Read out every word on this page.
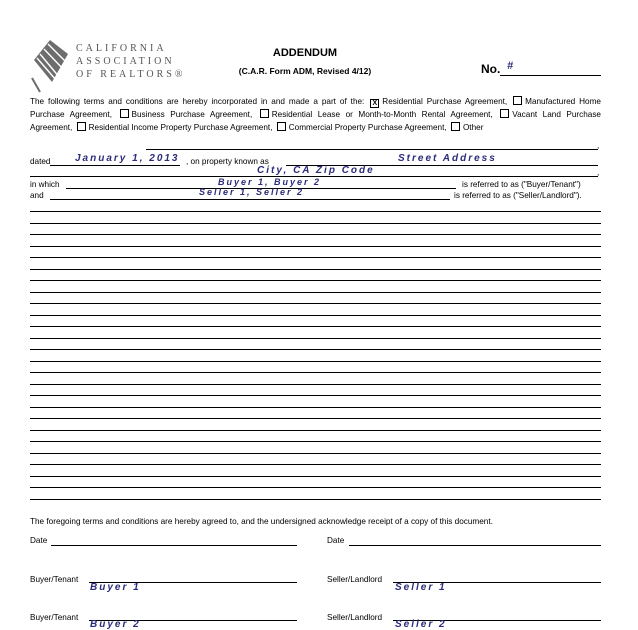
CALIFORNIA
ASSOCIATION
OF REALTORS®
ADDENDUM
(C.A.R. Form ADM, Revised 4/12)	No. #
The following terms and conditions are hereby incorporated in and made a part of the: X Residential Purchase Agreement, Manufactured Home Purchase Agreement, Business Purchase Agreement, Residential Lease or Month-to-Month Rental Agreement, Vacant Land Purchase Agreement, Residential Income Property Purchase Agreement, Commercial Property Purchase Agreement, Other
,
dated January 1, 2013 , on property known as	Street Address
City, CA Zip Code	,
in which	Buyer 1, Buyer 2	is referred to as ("Buyer/Tenant")
and	Seller 1, Seller 2	is referred to as ("Seller/Landlord").
The foregoing terms and conditions are hereby agreed to, and the undersigned acknowledge receipt of a copy of this document.
Date	Date
Buyer/Tenant
Buyer 1
Seller/Landlord
Seller 1
Buyer/Tenant
Buyer 2
Seller/Landlord
Seller 2
